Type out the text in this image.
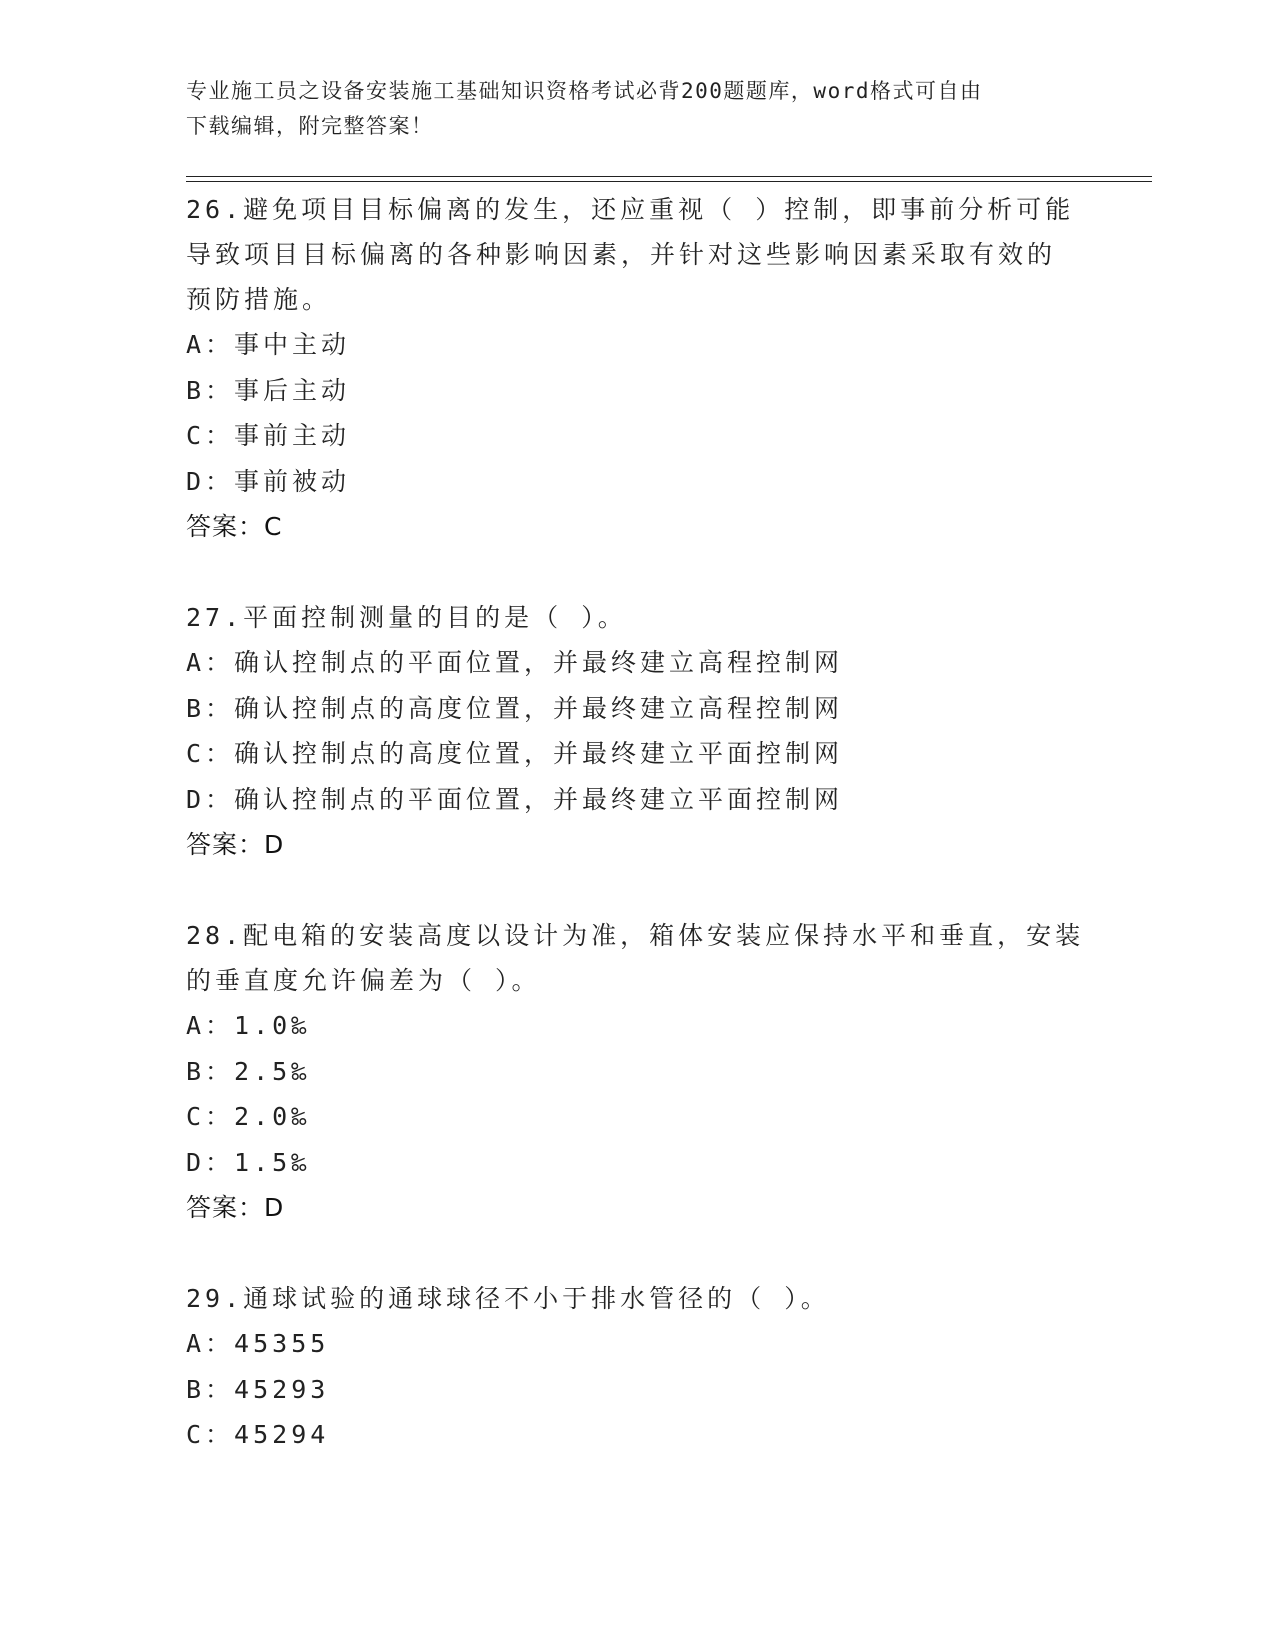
专业施工员之设备安装施工基础知识资格考试必背200题题库，word格式可自由
下载编辑，附完整答案！

26.避免项目目标偏离的发生，还应重视（ ）控制，即事前分析可能

导致项目目标偏离的各种影响因素，并针对这些影响因素采取有效的

预防措施。

A：事中主动

B：事后主动

C：事前主动

D：事前被动

答案：C

27.平面控制测量的目的是（ ）。

A：确认控制点的平面位置，并最终建立高程控制网

B：确认控制点的高度位置，并最终建立高程控制网

C：确认控制点的高度位置，并最终建立平面控制网

D：确认控制点的平面位置，并最终建立平面控制网

答案：D

28.配电箱的安装高度以设计为准，箱体安装应保持水平和垂直，安装

的垂直度允许偏差为（ ）。

A：1.0‰

B：2.5‰

C：2.0‰

D：1.5‰

答案：D

29.通球试验的通球球径不小于排水管径的（ ）。

A：45355

B：45293

C：45294
